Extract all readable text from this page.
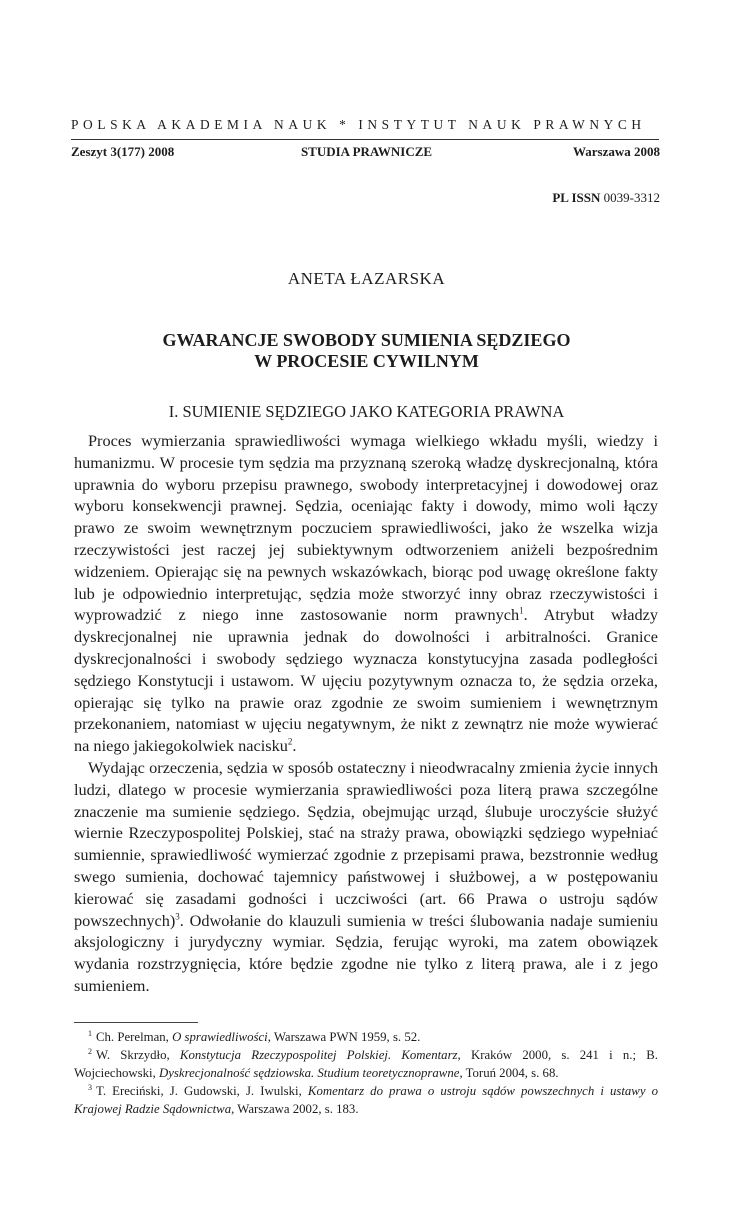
POLSKA AKADEMIA NAUK * INSTYTUT NAUK PRAWNYCH
Zeszyt 3(177) 2008	STUDIA PRAWNICZE	Warszawa 2008
PL ISSN 0039-3312
ANETA ŁAZARSKA
GWARANCJE SWOBODY SUMIENIA SĘDZIEGO
W PROCESIE CYWILNYM
I. SUMIENIE SĘDZIEGO JAKO KATEGORIA PRAWNA

Proces wymierzania sprawiedliwości wymaga wielkiego wkładu myśli, wiedzy i humanizmu. W procesie tym sędzia ma przyznaną szeroką władzę dyskrecjonalną, która uprawnia do wyboru przepisu prawnego, swobody interpretacyjnej i dowodowej oraz wyboru konsekwencji prawnej. Sędzia, oceniając fakty i dowody, mimo woli łączy prawo ze swoim wewnętrznym poczuciem sprawiedliwości, jako że wszelka wizja rzeczywistości jest raczej jej subiektywnym odtworzeniem aniżeli bezpośrednim widzeniem. Opierając się na pewnych wskazówkach, biorąc pod uwagę określone fakty lub je odpowiednio interpretując, sędzia może stworzyć inny obraz rzeczywistości i wyprowadzić z niego inne zastosowanie norm prawnych$^1$. Atrybut władzy dyskrecjonalnej nie uprawnia jednak do dowolności i arbitralności. Granice dyskrecjonalności i swobody sędziego wyznacza konstytucyjna zasada podległości sędziego Konstytucji i ustawom. W ujęciu pozytywnym oznacza to, że sędzia orzeka, opierając się tylko na prawie oraz zgodnie ze swoim sumieniem i wewnętrznym przekonaniem, natomiast w ujęciu negatywnym, że nikt z zewnątrz nie może wywierać na niego jakiegokolwiek nacisku$^2$.

Wydając orzeczenia, sędzia w sposób ostateczny i nieodwracalny zmienia życie innych ludzi, dlatego w procesie wymierzania sprawiedliwości poza literą prawa szczególne znaczenie ma sumienie sędziego. Sędzia, obejmując urząd, ślubuje uroczyście służyć wiernie Rzeczypospolitej Polskiej, stać na straży prawa, obowiązki sędziego wypełniać sumiennie, sprawiedliwość wymierzać zgodnie z przepisami prawa, bezstronnie według swego sumienia, dochować tajemnicy państwowej i służbowej, a w postępowaniu kierować się zasadami godności i uczciwości (art. 66 Prawa o ustroju sądów powszechnych)$^3$. Odwołanie do klauzuli sumienia w treści ślubowania nadaje sumieniu aksjologiczny i jurydyczny wymiar. Sędzia, ferując wyroki, ma zatem obowiązek wydania rozstrzygnięcia, które będzie zgodne nie tylko z literą prawa, ale i z jego sumieniem.

$^1$ Ch. Perelman, O sprawiedliwości, Warszawa PWN 1959, s. 52.

$^2$ W. Skrzydło, Konstytucja Rzeczypospolitej Polskiej. Komentarz, Kraków 2000, s. 241 i n.; B. Wojciechowski, Dyskrecjonalność sędziowska. Studium teoretycznoprawne, Toruń 2004, s. 68.

$^3$ T. Ereciński, J. Gudowski, J. Iwulski, Komentarz do prawa o ustroju sądów powszechnych i ustawy o Krajowej Radzie Sądownictwa, Warszawa 2002, s. 183.
